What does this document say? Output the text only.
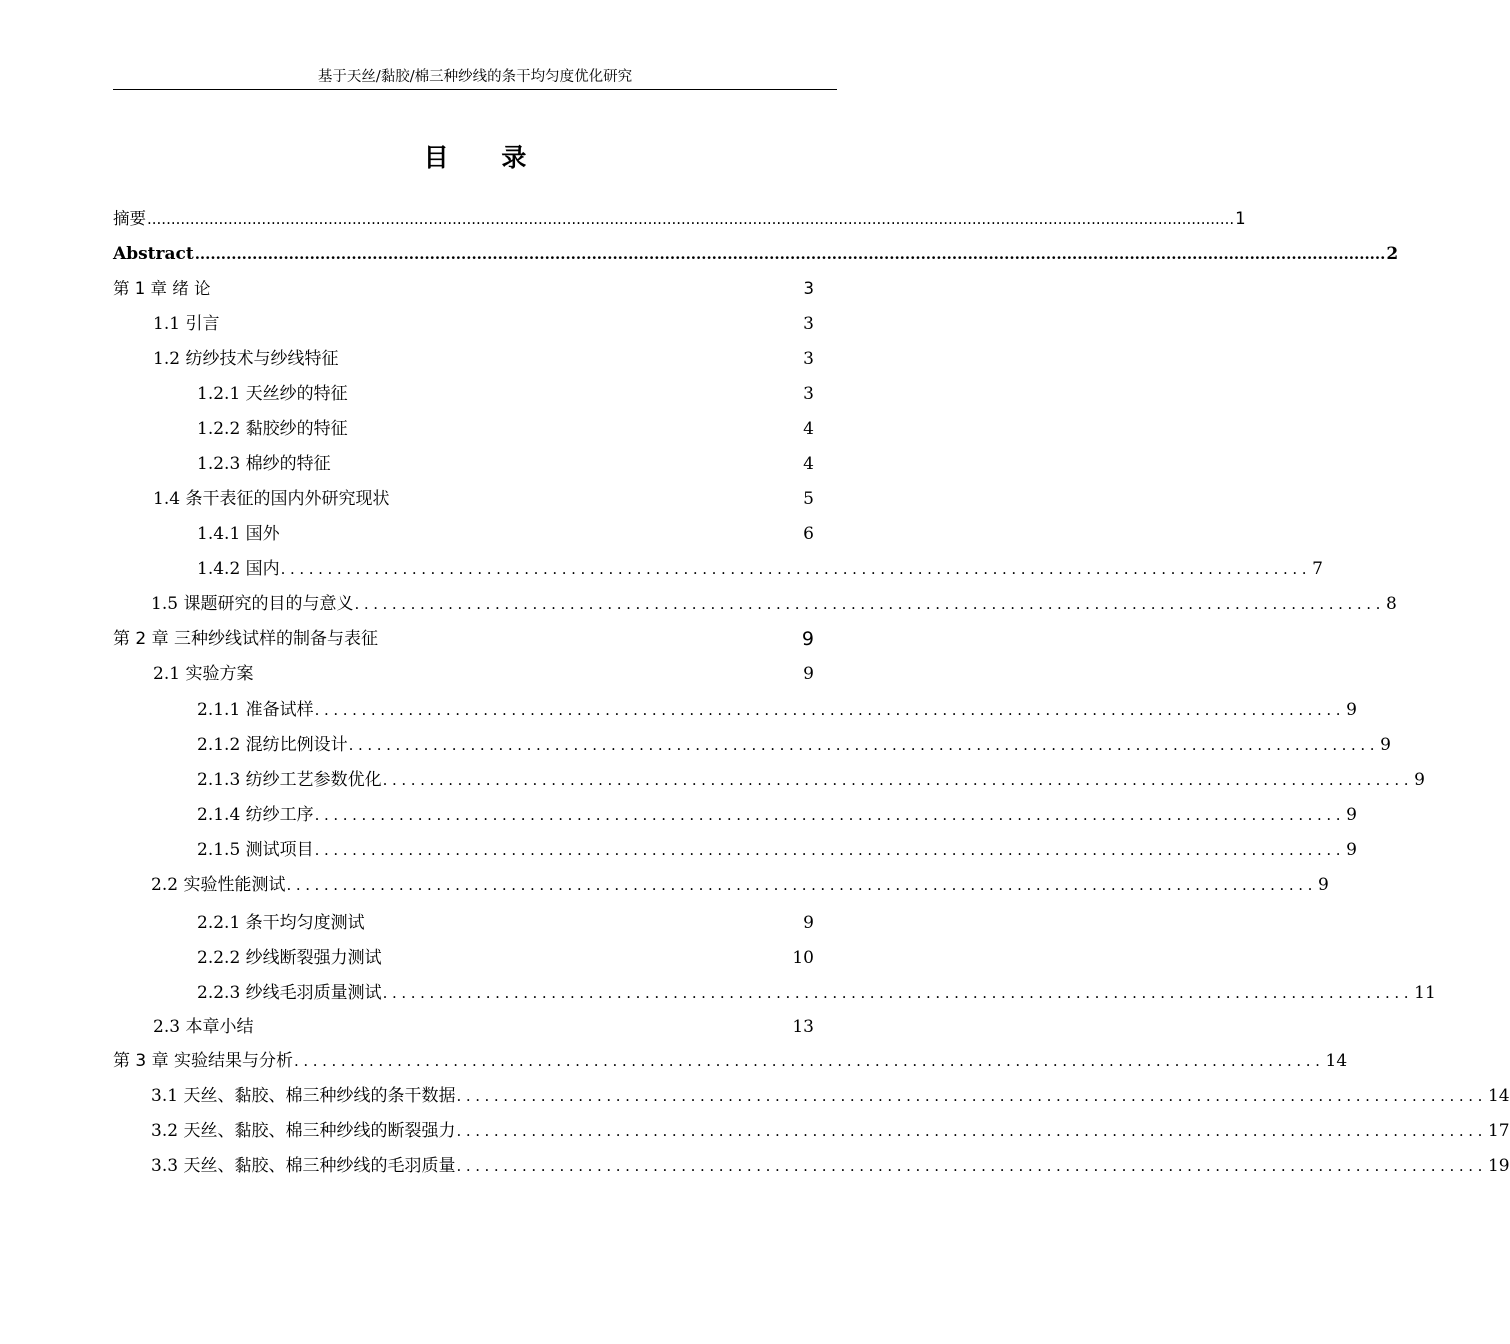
基于天丝/黏胶/棉三种纱线的条干均匀度优化研究
目 录
摘要 .................................................................................................................................................................................................................................... 1
Abstract .................................................................................................................................................................................................................................... 2
第 1 章 绪 论	3
1.1 引言	3
1.2 纺纱技术与纱线特征	3
1.2.1 天丝纱的特征	3
1.2.2 黏胶纱的特征	4
1.2.3 棉纱的特征	4
1.4 条干表征的国内外研究现状	5
1.4.1 国外	6
1.4.2 国内 .............................................................................................................. 7
1.5 课题研究的目的与意义 .............................................................................................................. 8
第 2 章 三种纱线试样的制备与表征	9
2.1 实验方案	9
2.1.1 准备试样 .............................................................................................................. 9
2.1.2 混纺比例设计 .............................................................................................................. 9
2.1.3 纺纱工艺参数优化 .............................................................................................................. 9
2.1.4 纺纱工序 .............................................................................................................. 9
2.1.5 测试项目 .............................................................................................................. 9
2.2 实验性能测试 .............................................................................................................. 9
2.2.1 条干均匀度测试	9
2.2.2 纱线断裂强力测试	10
2.2.3 纱线毛羽质量测试 .............................................................................................................. 11
2.3 本章小结	13
第 3 章 实验结果与分析 .............................................................................................................. 14
3.1 天丝、黏胶、棉三种纱线的条干数据 .............................................................................................................. 14
3.2 天丝、黏胶、棉三种纱线的断裂强力 .............................................................................................................. 17
3.3 天丝、黏胶、棉三种纱线的毛羽质量 .............................................................................................................. 19
